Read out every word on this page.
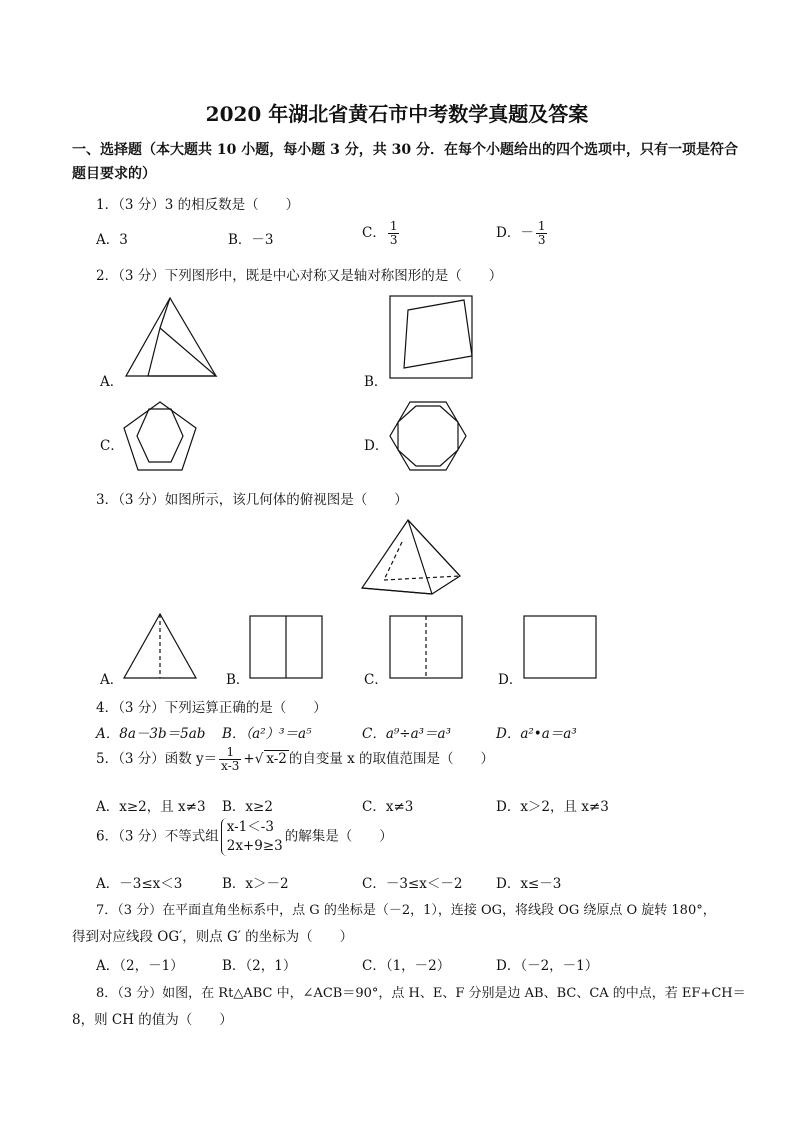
2020 年湖北省黄石市中考数学真题及答案
一、选择题（本大题共 10 小题，每小题 3 分，共 30 分．在每个小题给出的四个选项中，只有一项是符合
题目要求的）
1．（3 分）3 的相反数是（　　）
A．3	B．－3	C． $\frac{1}{3}$	D．－ $\frac{1}{3}$
2．（3 分）下列图形中，既是中心对称又是轴对称图形的是（　　）
A．	B．
C．	D．
3．（3 分）如图所示，该几何体的俯视图是（　　）
A．	B．	C．	D．
4．（3 分）下列运算正确的是（　　）
A．8a－3b＝5ab B．（a²）³＝a⁵	C．a⁹÷a³＝a³	D．a²•a＝a³
5．（3 分）函数 $y= \frac{1}{x-3}$ +√ x-2 的自变量 x 的取值范围是（　　）
A．x≥2，且 x≠3 B．x≥2	C．x≠3	D．x＞2，且 x≠3
6．（3 分）不等式组
x-1＜-3
2x+9≥3
的解集是（　　）
A．－3≤x＜3	B．x＞－2	C．－3≤x＜－2 D．x≤－3
7．（3 分）在平面直角坐标系中，点 G 的坐标是（－2，1），连接 OG，将线段 OG 绕原点 O 旋转 180°，
得到对应线段 OG′，则点 G′ 的坐标为（　　）
A．（2，－1）	B．（2，1）	C．（1，－2）	D．（－2，－1）
8．（3 分）如图，在 Rt△ABC 中，∠ACB＝90°，点 H、E、F 分别是边 AB、BC、CA 的中点，若 EF+CH＝
8，则 CH 的值为（　　）
